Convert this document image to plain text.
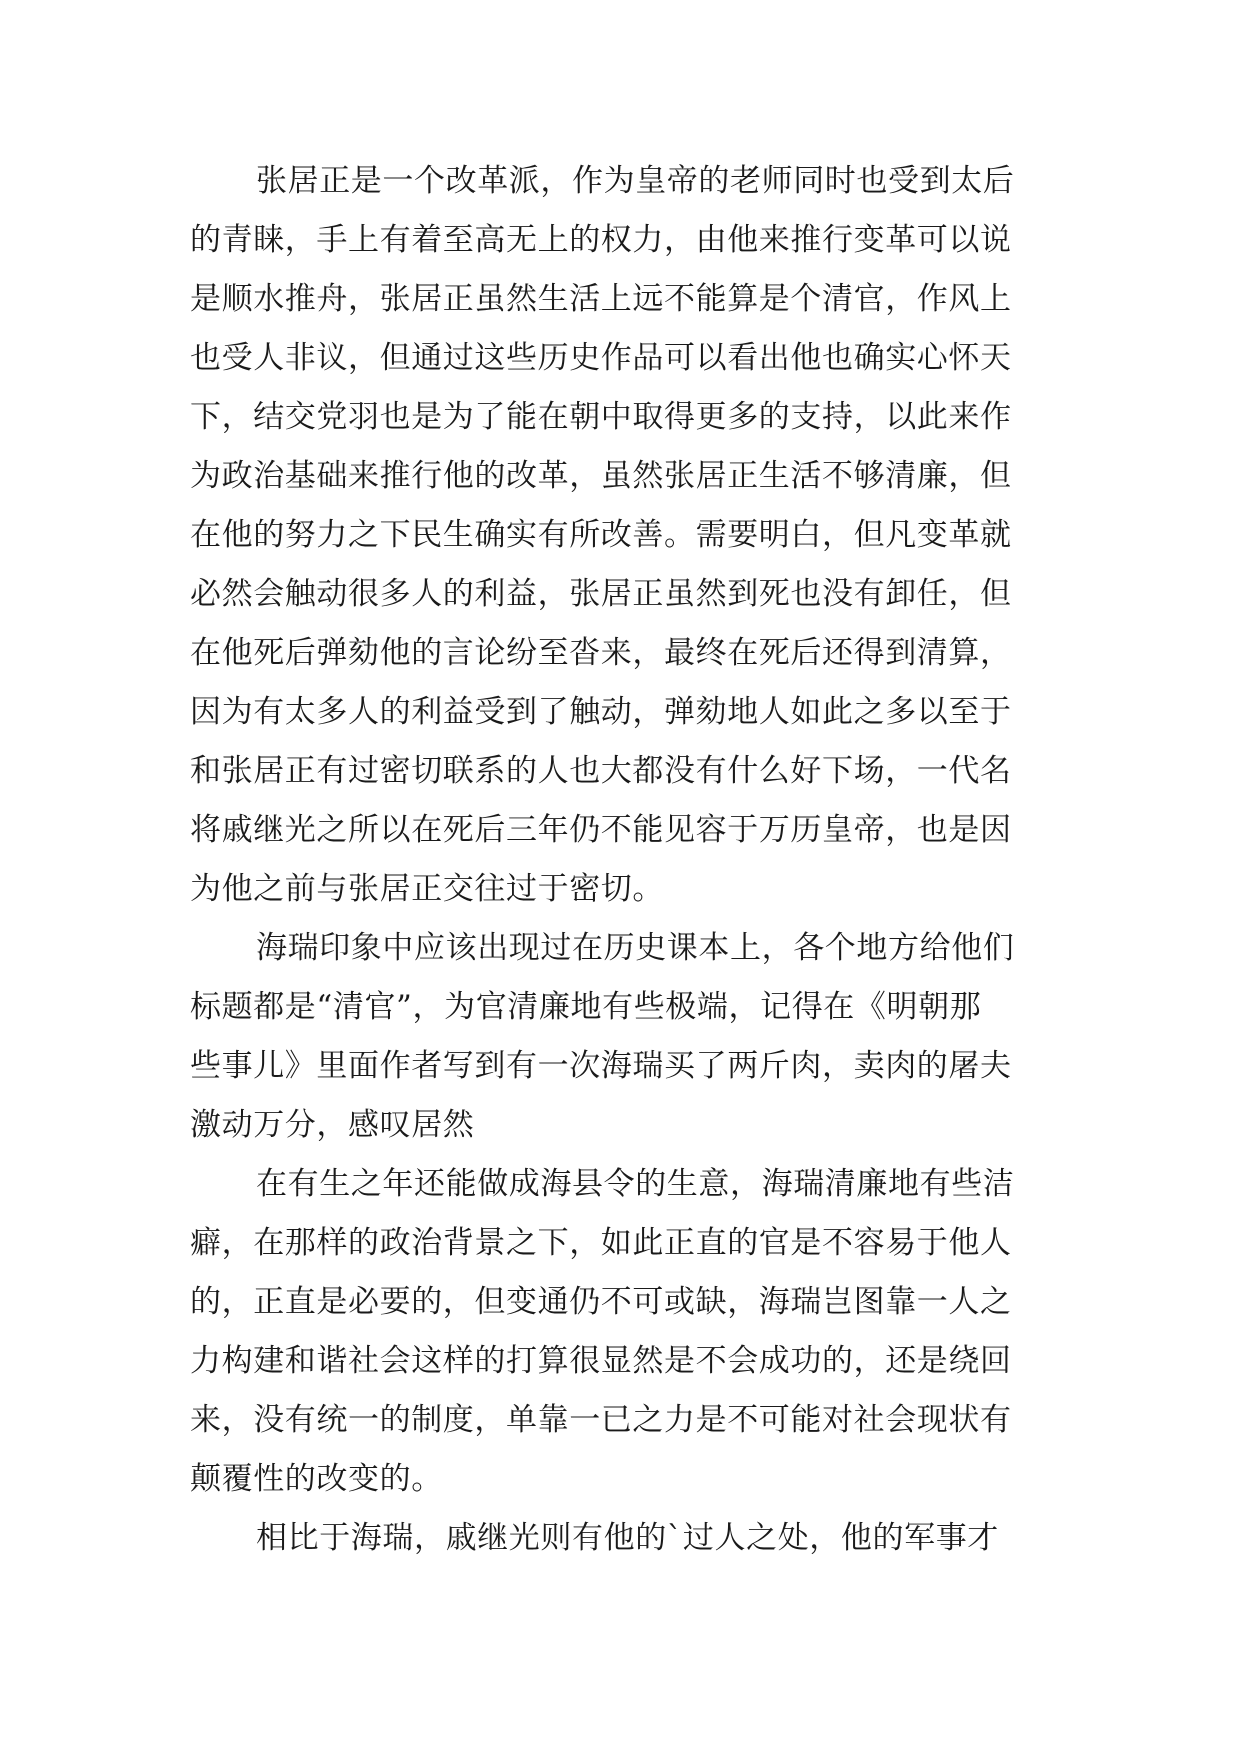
张居正是一个改革派，作为皇帝的老师同时也受到太后
的青睐，手上有着至高无上的权力，由他来推行变革可以说
是顺水推舟，张居正虽然生活上远不能算是个清官，作风上
也受人非议，但通过这些历史作品可以看出他也确实心怀天
下，结交党羽也是为了能在朝中取得更多的支持，以此来作
为政治基础来推行他的改革，虽然张居正生活不够清廉，但
在他的努力之下民生确实有所改善。需要明白，但凡变革就
必然会触动很多人的利益，张居正虽然到死也没有卸任，但
在他死后弹劾他的言论纷至沓来，最终在死后还得到清算，
因为有太多人的利益受到了触动，弹劾地人如此之多以至于
和张居正有过密切联系的人也大都没有什么好下场，一代名
将戚继光之所以在死后三年仍不能见容于万历皇帝，也是因
为他之前与张居正交往过于密切。
海瑞印象中应该出现过在历史课本上，各个地方给他们
标题都是“清官”，为官清廉地有些极端，记得在《明朝那
些事儿》里面作者写到有一次海瑞买了两斤肉，卖肉的屠夫
激动万分，感叹居然
在有生之年还能做成海县令的生意，海瑞清廉地有些洁
癖，在那样的政治背景之下，如此正直的官是不容易于他人
的，正直是必要的，但变通仍不可或缺，海瑞岂图靠一人之
力构建和谐社会这样的打算很显然是不会成功的，还是绕回
来，没有统一的制度，单靠一已之力是不可能对社会现状有
颠覆性的改变的。
相比于海瑞，戚继光则有他的`过人之处，他的军事才
